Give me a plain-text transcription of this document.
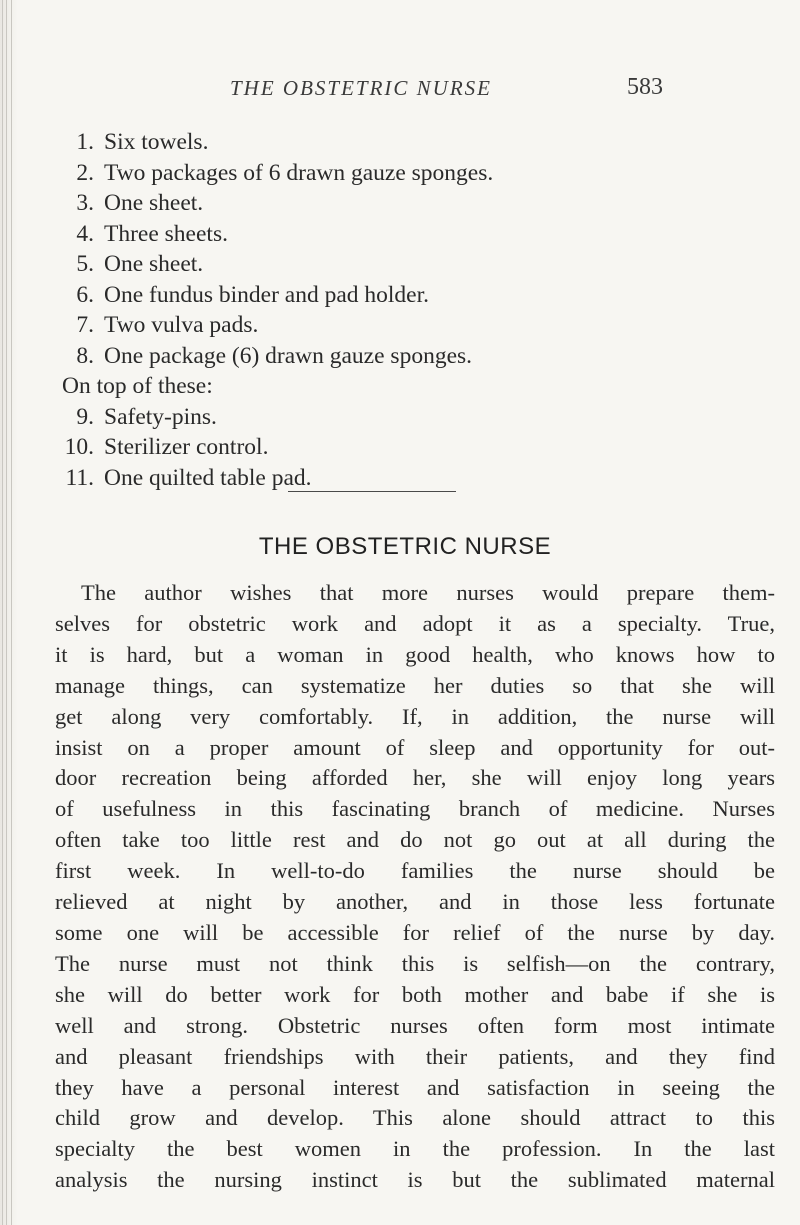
THE OBSTETRIC NURSE	583
1. Six towels.
2. Two packages of 6 drawn gauze sponges.
3. One sheet.
4. Three sheets.
5. One sheet.
6. One fundus binder and pad holder.
7. Two vulva pads.
8. One package (6) drawn gauze sponges.
On top of these:
9. Safety-pins.
10. Sterilizer control.
11. One quilted table pad.
THE OBSTETRIC NURSE
The author wishes that more nurses would prepare them-
selves for obstetric work and adopt it as a specialty. True,
it is hard, but a woman in good health, who knows how to
manage things, can systematize her duties so that she will
get along very comfortably. If, in addition, the nurse will
insist on a proper amount of sleep and opportunity for out-
door recreation being afforded her, she will enjoy long years
of usefulness in this fascinating branch of medicine. Nurses
often take too little rest and do not go out at all during the
first week. In well-to-do families the nurse should be
relieved at night by another, and in those less fortunate
some one will be accessible for relief of the nurse by day.
The nurse must not think this is selfish—on the contrary,
she will do better work for both mother and babe if she is
well and strong. Obstetric nurses often form most intimate
and pleasant friendships with their patients, and they find
they have a personal interest and satisfaction in seeing the
child grow and develop. This alone should attract to this
specialty the best women in the profession. In the last
analysis the nursing instinct is but the sublimated maternal
